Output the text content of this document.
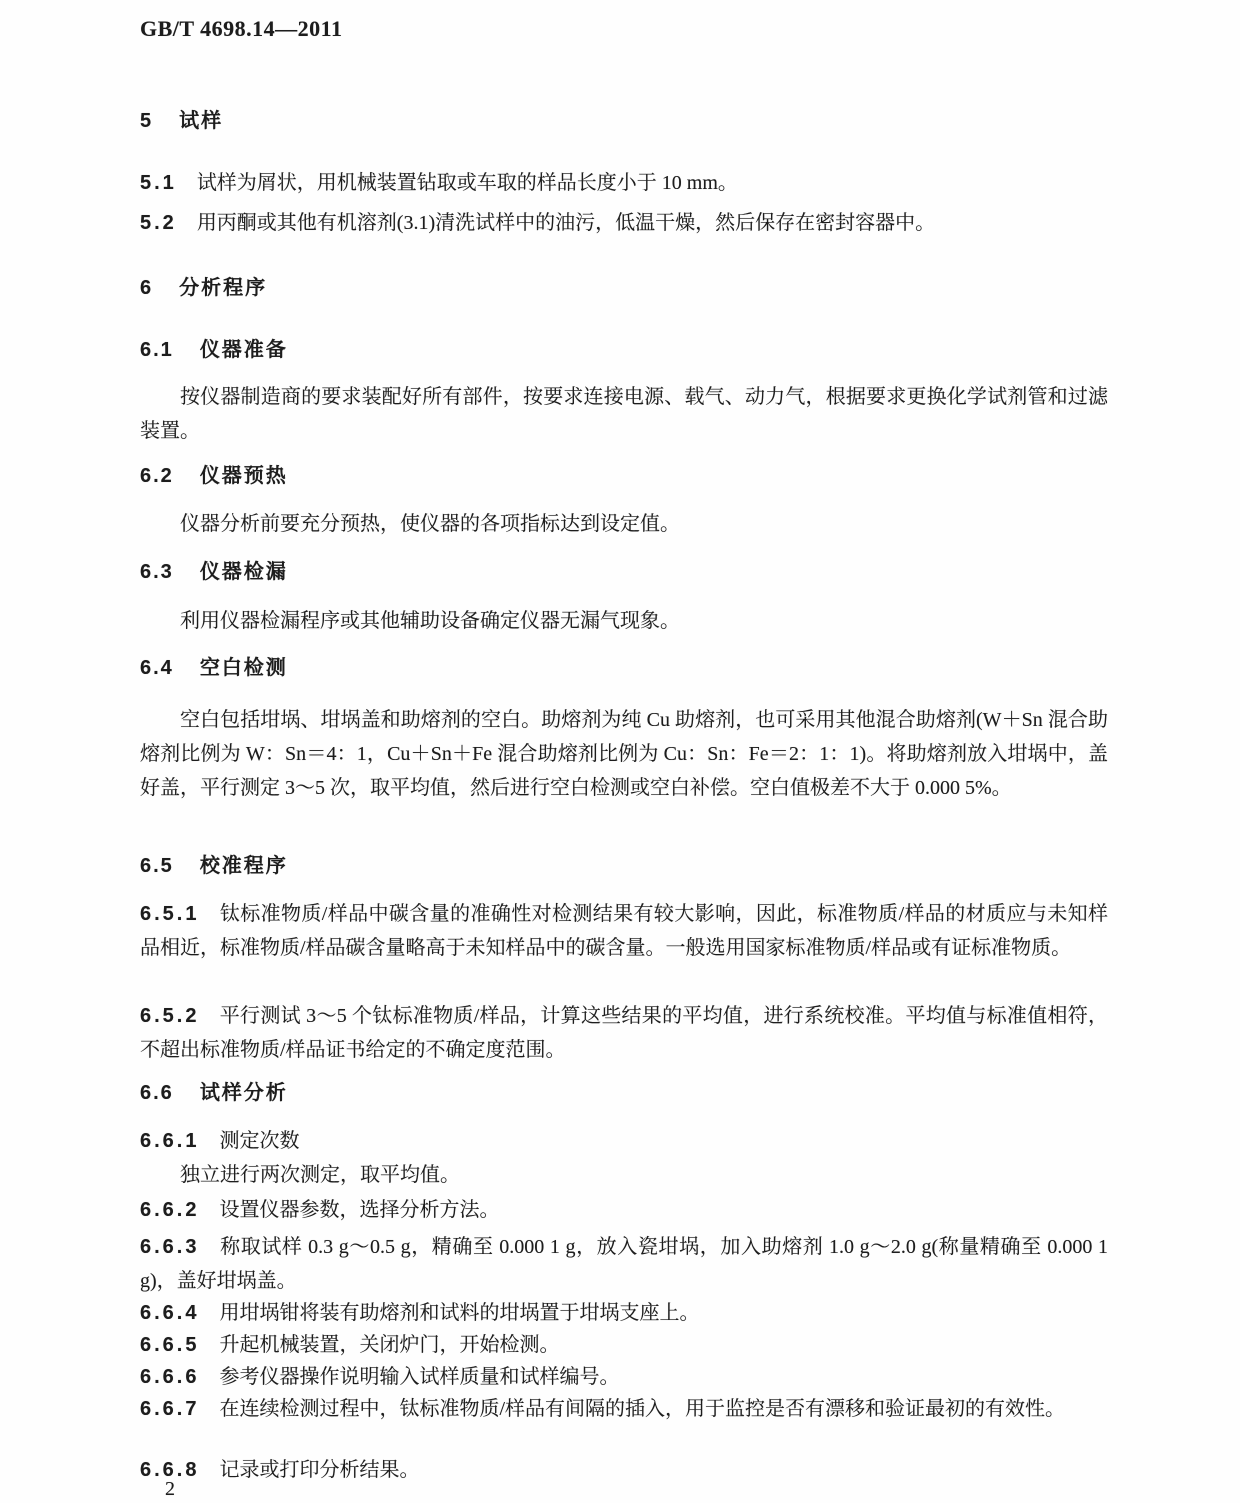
GB/T 4698.14—2011
5 试样
5.1 试样为屑状，用机械装置钻取或车取的样品长度小于 10 mm。
5.2 用丙酮或其他有机溶剂(3.1)清洗试样中的油污，低温干燥，然后保存在密封容器中。
6 分析程序
6.1 仪器准备
按仪器制造商的要求装配好所有部件，按要求连接电源、载气、动力气，根据要求更换化学试剂管和过滤装置。
6.2 仪器预热
仪器分析前要充分预热，使仪器的各项指标达到设定值。
6.3 仪器检漏
利用仪器检漏程序或其他辅助设备确定仪器无漏气现象。
6.4 空白检测
空白包括坩埚、坩埚盖和助熔剂的空白。助熔剂为纯 Cu 助熔剂，也可采用其他混合助熔剂(W＋Sn 混合助熔剂比例为 W：Sn＝4：1，Cu＋Sn＋Fe 混合助熔剂比例为 Cu：Sn：Fe＝2：1：1)。将助熔剂放入坩埚中，盖好盖，平行测定 3～5 次，取平均值，然后进行空白检测或空白补偿。空白值极差不大于 0.000 5%。
6.5 校准程序
6.5.1 钛标准物质/样品中碳含量的准确性对检测结果有较大影响，因此，标准物质/样品的材质应与未知样品相近，标准物质/样品碳含量略高于未知样品中的碳含量。一般选用国家标准物质/样品或有证标准物质。
6.5.2 平行测试 3～5 个钛标准物质/样品，计算这些结果的平均值，进行系统校准。平均值与标准值相符，不超出标准物质/样品证书给定的不确定度范围。
6.6 试样分析
6.6.1 测定次数
独立进行两次测定，取平均值。
6.6.2 设置仪器参数，选择分析方法。
6.6.3 称取试样 0.3 g～0.5 g，精确至 0.000 1 g，放入瓷坩埚，加入助熔剂 1.0 g～2.0 g(称量精确至 0.000 1 g)，盖好坩埚盖。
6.6.4 用坩埚钳将装有助熔剂和试料的坩埚置于坩埚支座上。
6.6.5 升起机械装置，关闭炉门，开始检测。
6.6.6 参考仪器操作说明输入试样质量和试样编号。
6.6.7 在连续检测过程中，钛标准物质/样品有间隔的插入，用于监控是否有漂移和验证最初的有效性。
6.6.8 记录或打印分析结果。
2
